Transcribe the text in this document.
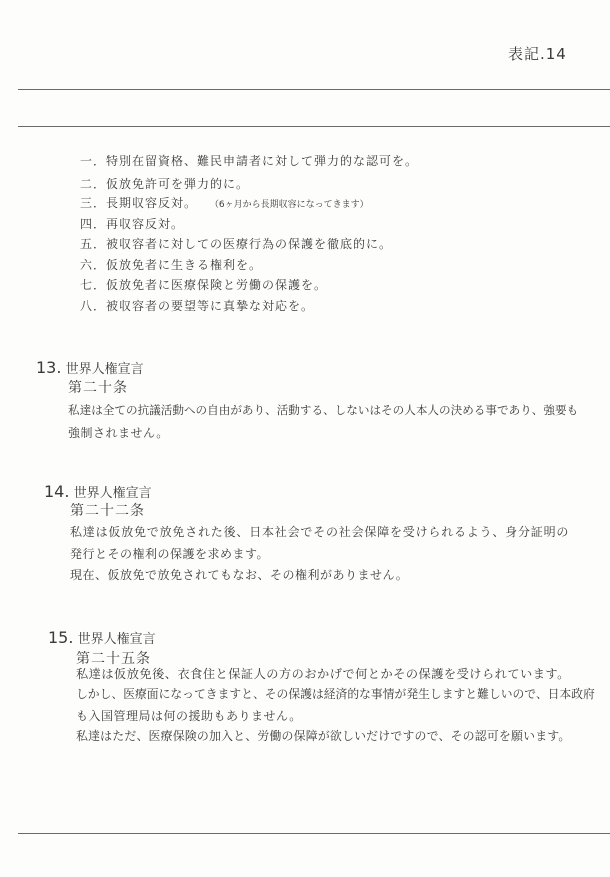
表記.14
一．特別在留資格、難民申請者に対して弾力的な認可を。
二．仮放免許可を弾力的に。
三．長期収容反対。 （6ヶ月から長期収容になってきます）
四．再収容反対。
五．被収容者に対しての医療行為の保護を徹底的に。
六．仮放免者に生きる権利を。
七．仮放免者に医療保険と労働の保護を。
八．被収容者の要望等に真摯な対応を。
13. 世界人権宣言
第二十条
私達は全ての抗議活動への自由があり、活動する、しないはその人本人の決める事であり、強要も
強制されません。
14. 世界人権宣言
第二十二条
私達は仮放免で放免された後、日本社会でその社会保障を受けられるよう、身分証明の
発行とその権利の保護を求めます。
現在、仮放免で放免されてもなお、その権利がありません。
15. 世界人権宣言
第二十五条
私達は仮放免後、衣食住と保証人の方のおかげで何とかその保護を受けられています。
しかし、医療面になってきますと、その保護は経済的な事情が発生しますと難しいので、日本政府
も入国管理局は何の援助もありません。
私達はただ、医療保険の加入と、労働の保障が欲しいだけですので、その認可を願います。
